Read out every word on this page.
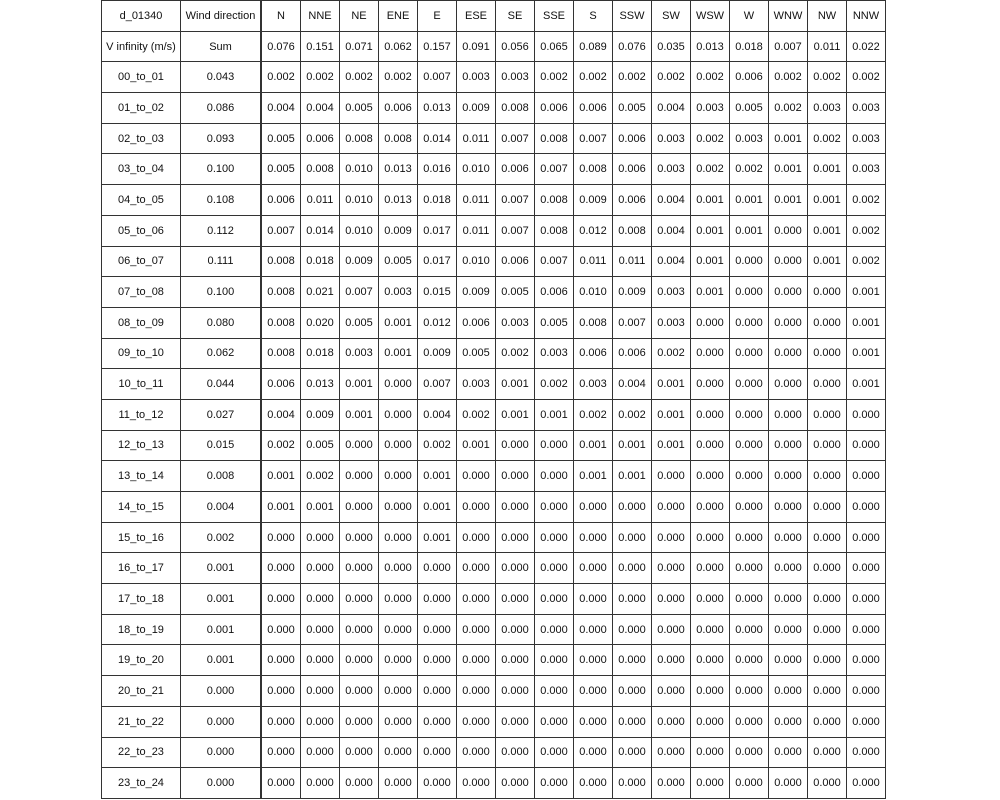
d_01340	Wind direction		N	NNE	NE	ENE	E	ESE	SE	SSE	S	SSW	SW	WSW	W	WNW	NW	NNW
V infinity (m/s)	Sum		0.076	0.151	0.071	0.062	0.157	0.091	0.056	0.065	0.089	0.076	0.035	0.013	0.018	0.007	0.011	0.022
00_to_01	0.043		0.002	0.002	0.002	0.002	0.007	0.003	0.003	0.002	0.002	0.002	0.002	0.002	0.006	0.002	0.002	0.002
01_to_02	0.086		0.004	0.004	0.005	0.006	0.013	0.009	0.008	0.006	0.006	0.005	0.004	0.003	0.005	0.002	0.003	0.003
02_to_03	0.093		0.005	0.006	0.008	0.008	0.014	0.011	0.007	0.008	0.007	0.006	0.003	0.002	0.003	0.001	0.002	0.003
03_to_04	0.100		0.005	0.008	0.010	0.013	0.016	0.010	0.006	0.007	0.008	0.006	0.003	0.002	0.002	0.001	0.001	0.003
04_to_05	0.108		0.006	0.011	0.010	0.013	0.018	0.011	0.007	0.008	0.009	0.006	0.004	0.001	0.001	0.001	0.001	0.002
05_to_06	0.112		0.007	0.014	0.010	0.009	0.017	0.011	0.007	0.008	0.012	0.008	0.004	0.001	0.001	0.000	0.001	0.002
06_to_07	0.111		0.008	0.018	0.009	0.005	0.017	0.010	0.006	0.007	0.011	0.011	0.004	0.001	0.000	0.000	0.001	0.002
07_to_08	0.100		0.008	0.021	0.007	0.003	0.015	0.009	0.005	0.006	0.010	0.009	0.003	0.001	0.000	0.000	0.000	0.001
08_to_09	0.080		0.008	0.020	0.005	0.001	0.012	0.006	0.003	0.005	0.008	0.007	0.003	0.000	0.000	0.000	0.000	0.001
09_to_10	0.062		0.008	0.018	0.003	0.001	0.009	0.005	0.002	0.003	0.006	0.006	0.002	0.000	0.000	0.000	0.000	0.001
10_to_11	0.044		0.006	0.013	0.001	0.000	0.007	0.003	0.001	0.002	0.003	0.004	0.001	0.000	0.000	0.000	0.000	0.001
11_to_12	0.027		0.004	0.009	0.001	0.000	0.004	0.002	0.001	0.001	0.002	0.002	0.001	0.000	0.000	0.000	0.000	0.000
12_to_13	0.015		0.002	0.005	0.000	0.000	0.002	0.001	0.000	0.000	0.001	0.001	0.001	0.000	0.000	0.000	0.000	0.000
13_to_14	0.008		0.001	0.002	0.000	0.000	0.001	0.000	0.000	0.000	0.001	0.001	0.000	0.000	0.000	0.000	0.000	0.000
14_to_15	0.004		0.001	0.001	0.000	0.000	0.001	0.000	0.000	0.000	0.000	0.000	0.000	0.000	0.000	0.000	0.000	0.000
15_to_16	0.002		0.000	0.000	0.000	0.000	0.001	0.000	0.000	0.000	0.000	0.000	0.000	0.000	0.000	0.000	0.000	0.000
16_to_17	0.001		0.000	0.000	0.000	0.000	0.000	0.000	0.000	0.000	0.000	0.000	0.000	0.000	0.000	0.000	0.000	0.000
17_to_18	0.001		0.000	0.000	0.000	0.000	0.000	0.000	0.000	0.000	0.000	0.000	0.000	0.000	0.000	0.000	0.000	0.000
18_to_19	0.001		0.000	0.000	0.000	0.000	0.000	0.000	0.000	0.000	0.000	0.000	0.000	0.000	0.000	0.000	0.000	0.000
19_to_20	0.001		0.000	0.000	0.000	0.000	0.000	0.000	0.000	0.000	0.000	0.000	0.000	0.000	0.000	0.000	0.000	0.000
20_to_21	0.000		0.000	0.000	0.000	0.000	0.000	0.000	0.000	0.000	0.000	0.000	0.000	0.000	0.000	0.000	0.000	0.000
21_to_22	0.000		0.000	0.000	0.000	0.000	0.000	0.000	0.000	0.000	0.000	0.000	0.000	0.000	0.000	0.000	0.000	0.000
22_to_23	0.000		0.000	0.000	0.000	0.000	0.000	0.000	0.000	0.000	0.000	0.000	0.000	0.000	0.000	0.000	0.000	0.000
23_to_24	0.000		0.000	0.000	0.000	0.000	0.000	0.000	0.000	0.000	0.000	0.000	0.000	0.000	0.000	0.000	0.000	0.000
